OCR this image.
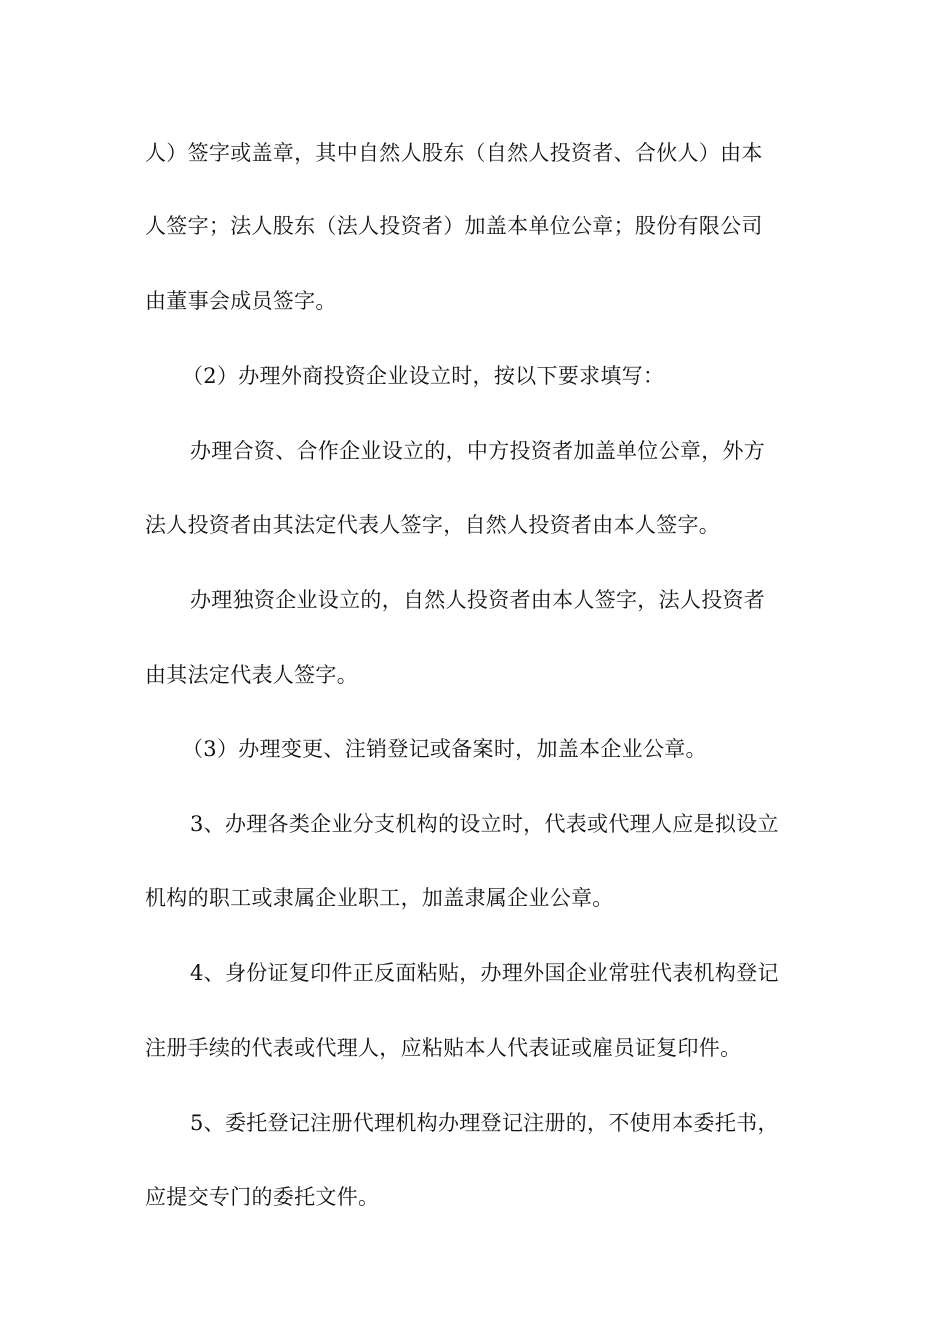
人）签字或盖章，其中自然人股东（自然人投资者、合伙人）由本
人签字；法人股东（法人投资者）加盖本单位公章；股份有限公司
由董事会成员签字。
（2）办理外商投资企业设立时，按以下要求填写：
办理合资、合作企业设立的，中方投资者加盖单位公章，外方
法人投资者由其法定代表人签字，自然人投资者由本人签字。
办理独资企业设立的，自然人投资者由本人签字，法人投资者
由其法定代表人签字。
（3）办理变更、注销登记或备案时，加盖本企业公章。
3、办理各类企业分支机构的设立时，代表或代理人应是拟设立
机构的职工或隶属企业职工，加盖隶属企业公章。
4、身份证复印件正反面粘贴，办理外国企业常驻代表机构登记
注册手续的代表或代理人，应粘贴本人代表证或雇员证复印件。
5、委托登记注册代理机构办理登记注册的，不使用本委托书，
应提交专门的委托文件。
